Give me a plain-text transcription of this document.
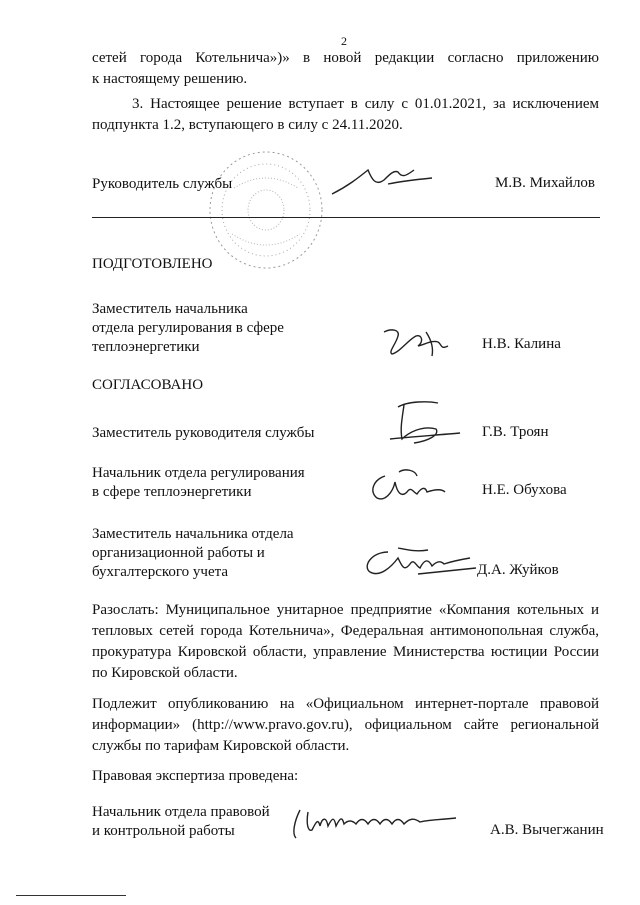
2

сетей города Котельнича»)» в новой редакции согласно приложению

к настоящему решению.

3. Настоящее решение вступает в силу с 01.01.2021, за исключением

подпункта 1.2, вступающего в силу с 24.11.2020.

Руководитель службы	М.В. Михайлов
ПОДГОТОВЛЕНО
Заместитель начальника
отдела регулирования в сфере
теплоэнергетики	Н.В. Калина
СОГЛАСОВАНО
Заместитель руководителя службы	Г.В. Троян
Начальник отдела регулирования
в сфере теплоэнергетики	Н.Е. Обухова
Заместитель начальника отдела
организационной работы и
бухгалтерского учета	Д.А. Жуйков

Разослать: Муниципальное унитарное предприятие «Компания котельных и

тепловых сетей города Котельнича», Федеральная антимонопольная служба,

прокуратура Кировской области, управление Министерства юстиции России

по Кировской области.

Подлежит опубликованию на «Официальном интернет-портале правовой

информации» (http://www.pravo.gov.ru), официальном сайте региональной

службы по тарифам Кировской области.

Правовая экспертиза проведена:
Начальник отдела правовой
и контрольной работы	А.В. Вычегжанин
